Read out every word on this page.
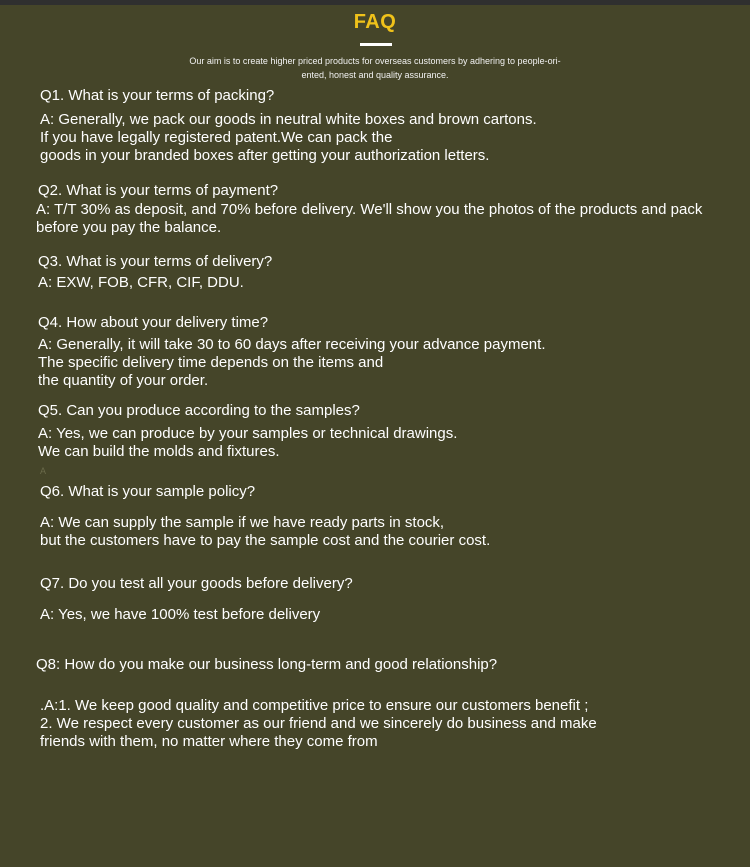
FAQ
Our aim is to create higher priced products for overseas customers by adhering to people-ori-
ented, honest and quality assurance.
Q1. What is your terms of packing?
A: Generally, we pack our goods in neutral white boxes and brown cartons.
If you have legally registered patent.We can pack the
goods in your branded boxes after getting your authorization letters.
Q2. What is your terms of payment?
A: T/T 30% as deposit, and 70% before delivery. We'll show you the photos of the products and pack
before you pay the balance.
Q3. What is your terms of delivery?
A: EXW, FOB, CFR, CIF, DDU.
Q4. How about your delivery time?
A: Generally, it will take 30 to 60 days after receiving your advance payment.
The specific delivery time depends on the items and
the quantity of your order.
Q5. Can you produce according to the samples?
A: Yes, we can produce by your samples or technical drawings.
We can build the molds and fixtures.
A
Q6. What is your sample policy?
A: We can supply the sample if we have ready parts in stock,
but the customers have to pay the sample cost and the courier cost.
Q7. Do you test all your goods before delivery?
A: Yes, we have 100% test before delivery
Q8: How do you make our business long-term and good relationship?
.A:1. We keep good quality and competitive price to ensure our customers benefit ;
2. We respect every customer as our friend and we sincerely do business and make
friends with them, no matter where they come from
